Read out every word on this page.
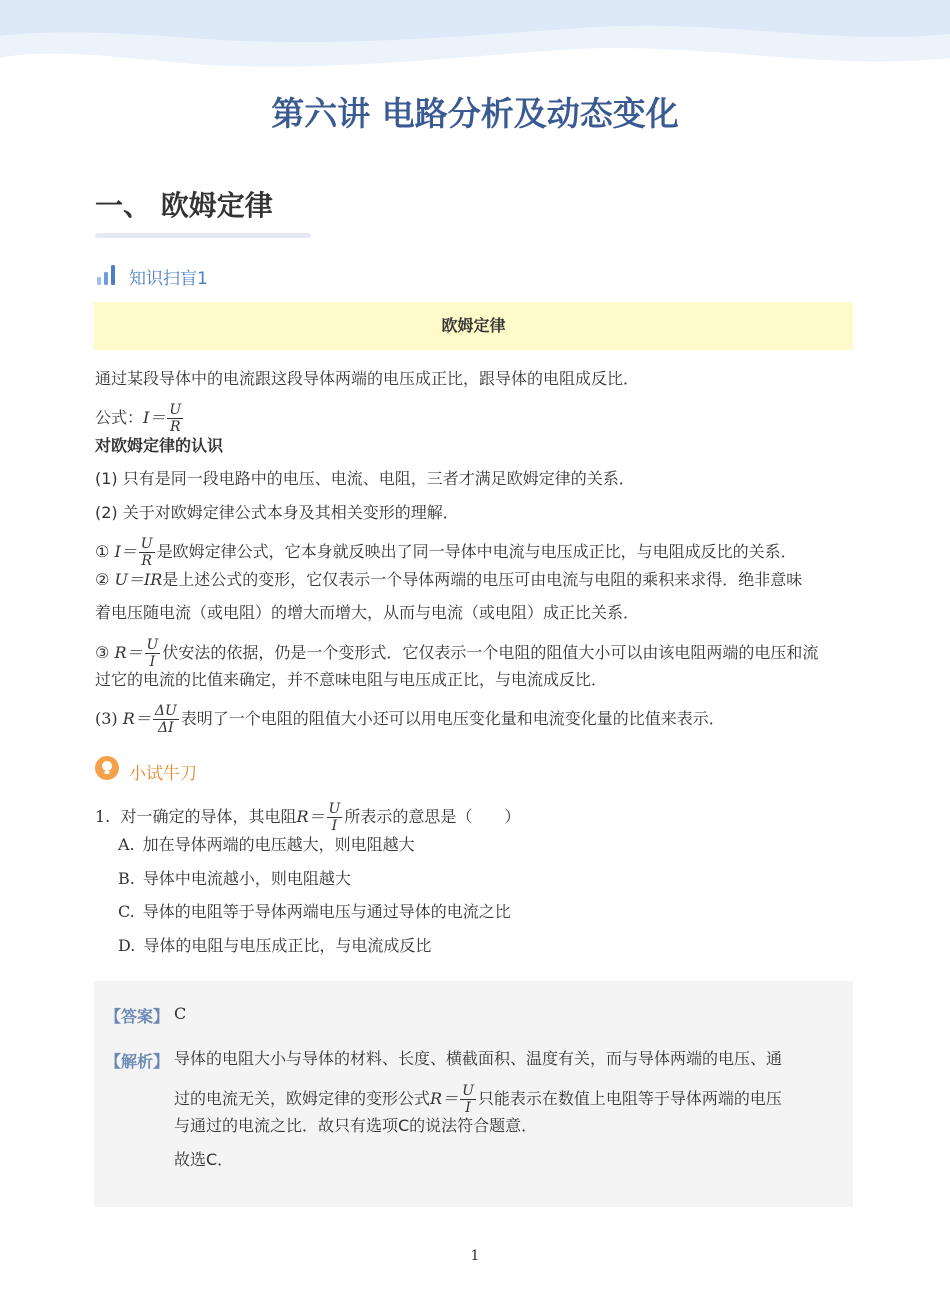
第六讲 电路分析及动态变化
一、 欧姆定律
知识扫盲1
欧姆定律
通过某段导体中的电流跟这段导体两端的电压成正比，跟导体的电阻成反比．
公式：$I= \frac{U}{R}$
对欧姆定律的认识
(1) 只有是同一段电路中的电压、电流、电阻，三者才满足欧姆定律的关系．
(2) 关于对欧姆定律公式本身及其相关变形的理解．
① $I= \frac{U}{R}$ 是欧姆定律公式，它本身就反映出了同一导体中电流与电压成正比，与电阻成反比的关系．
② U＝IR是上述公式的变形，它仅表示一个导体两端的电压可由电流与电阻的乘积来求得．绝非意味
着电压随电流（或电阻）的增大而增大，从而与电流（或电阻）成正比关系．
③ $R= \frac{U}{I}$ 伏安法的依据，仍是一个变形式．它仅表示一个电阻的阻值大小可以由该电阻两端的电压和流
过它的电流的比值来确定，并不意味电阻与电压成正比，与电流成反比．
(3) $R= \frac{\Delta U}{\Delta I}$ 表明了一个电阻的阻值大小还可以用电压变化量和电流变化量的比值来表示．
小试牛刀
1. 对一确定的导体，其电阻$R= \frac{U}{I}$ 所表示的意思是（　　）
A. 加在导体两端的电压越大，则电阻越大
B. 导体中电流越小，则电阻越大
C. 导体的电阻等于导体两端电压与通过导体的电流之比
D. 导体的电阻与电压成正比，与电流成反比
【答案】 C
【解析】 导体的电阻大小与导体的材料、长度、横截面积、温度有关，而与导体两端的电压、通
过的电流无关，欧姆定律的变形公式$R= \frac{U}{I}$ 只能表示在数值上电阻等于导体两端的电压
与通过的电流之比．故只有选项C的说法符合题意．
故选C．
1
